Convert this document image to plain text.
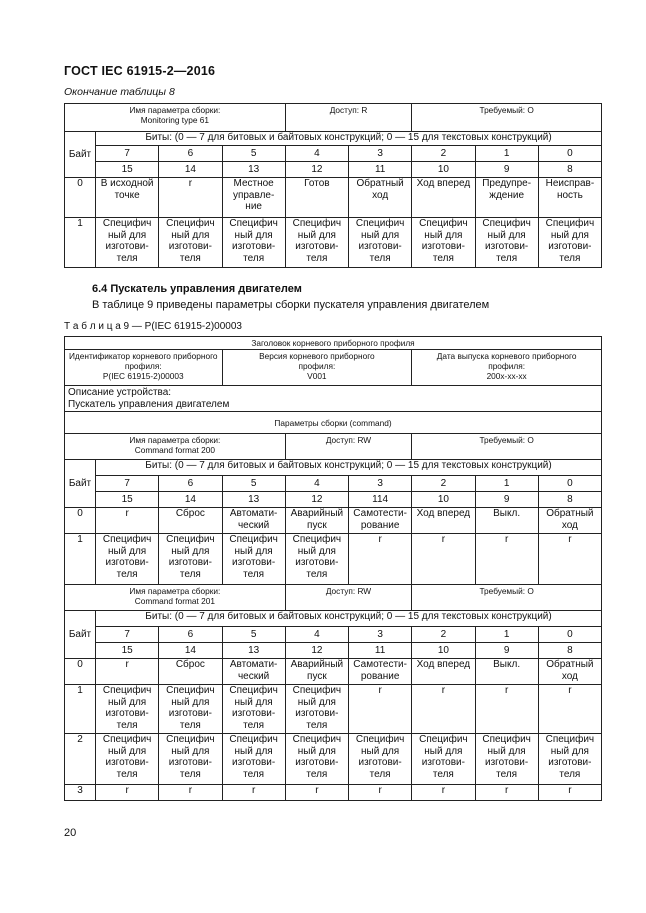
ГОСТ IEC 61915-2—2016
Окончание таблицы 8
Имя параметра сборки:
Monitoring type 61				Доступ: R		Требуемый: O		
Байт	Биты: (0 — 7 для битовых и байтовых конструкций; 0 — 15 для текстовых конструкций)							
	7	6	5	4	3	2	1	0
	15	14	13	12	11	10	9	8
0	В исходной
точке	r	Местное
управле-
ние	Готов	Обратный
ход	Ход вперед	Предупре-
ждение	Неисправ-
ность
1	Специфич
ный для
изготови-
теля	Специфич
ный для
изготови-
теля	Специфич
ный для
изготови-
теля	Специфич
ный для
изготови-
теля	Специфич
ный для
изготови-
теля	Специфич
ный для
изготови-
теля	Специфич
ный для
изготови-
теля	Специфич
ный для
изготови-
теля
6.4 Пускатель управления двигателем
В таблице 9 приведены параметры сборки пускателя управления двигателем
Т а б л и ц а 9 — P(IEC 61915-2)00003
Заголовок корневого приборного профиля								
Идентификатор корневого приборного
профиля:
P(IEC 61915-2)00003			Версия корневого приборного
профиля:
V001			Дата выпуска корневого приборного
профиля:
200x-xx-xx		
Описание устройства:
Пускатель управления двигателем								
Параметры сборки (command)								
Имя параметра сборки:
Command format 200				Доступ: RW		Требуемый: O		
Байт	Биты: (0 — 7 для битовых и байтовых конструкций; 0 — 15 для текстовых конструкций)							
	7	6	5	4	3	2	1	0
	15	14	13	12	114	10	9	8
0	r	Сброс	Автомати-
ческий	Аварийный
пуск	Самотести-
рование	Ход вперед	Выкл.	Обратный
ход
1	Специфич
ный для
изготови-
теля	Специфич
ный для
изготови-
теля	Специфич
ный для
изготови-
теля	Специфич
ный для
изготови-
теля	r	r	r	r
Имя параметра сборки:
Command format 201				Доступ: RW		Требуемый: O		
Байт	Биты: (0 — 7 для битовых и байтовых конструкций; 0 — 15 для текстовых конструкций)							
	7	6	5	4	3	2	1	0
	15	14	13	12	11	10	9	8
0	r	Сброс	Автомати-
ческий	Аварийный
пуск	Самотести-
рование	Ход вперед	Выкл.	Обратный
ход
1	Специфич
ный для
изготови-
теля	Специфич
ный для
изготови-
теля	Специфич
ный для
изготови-
теля	Специфич
ный для
изготови-
теля	r	r	r	r
2	Специфич
ный для
изготови-
теля	Специфич
ный для
изготови-
теля	Специфич
ный для
изготови-
теля	Специфич
ный для
изготови-
теля	Специфич
ный для
изготови-
теля	Специфич
ный для
изготови-
теля	Специфич
ный для
изготови-
теля	Специфич
ный для
изготови-
теля
3	r	r	r	r	r	r	r	r
20
